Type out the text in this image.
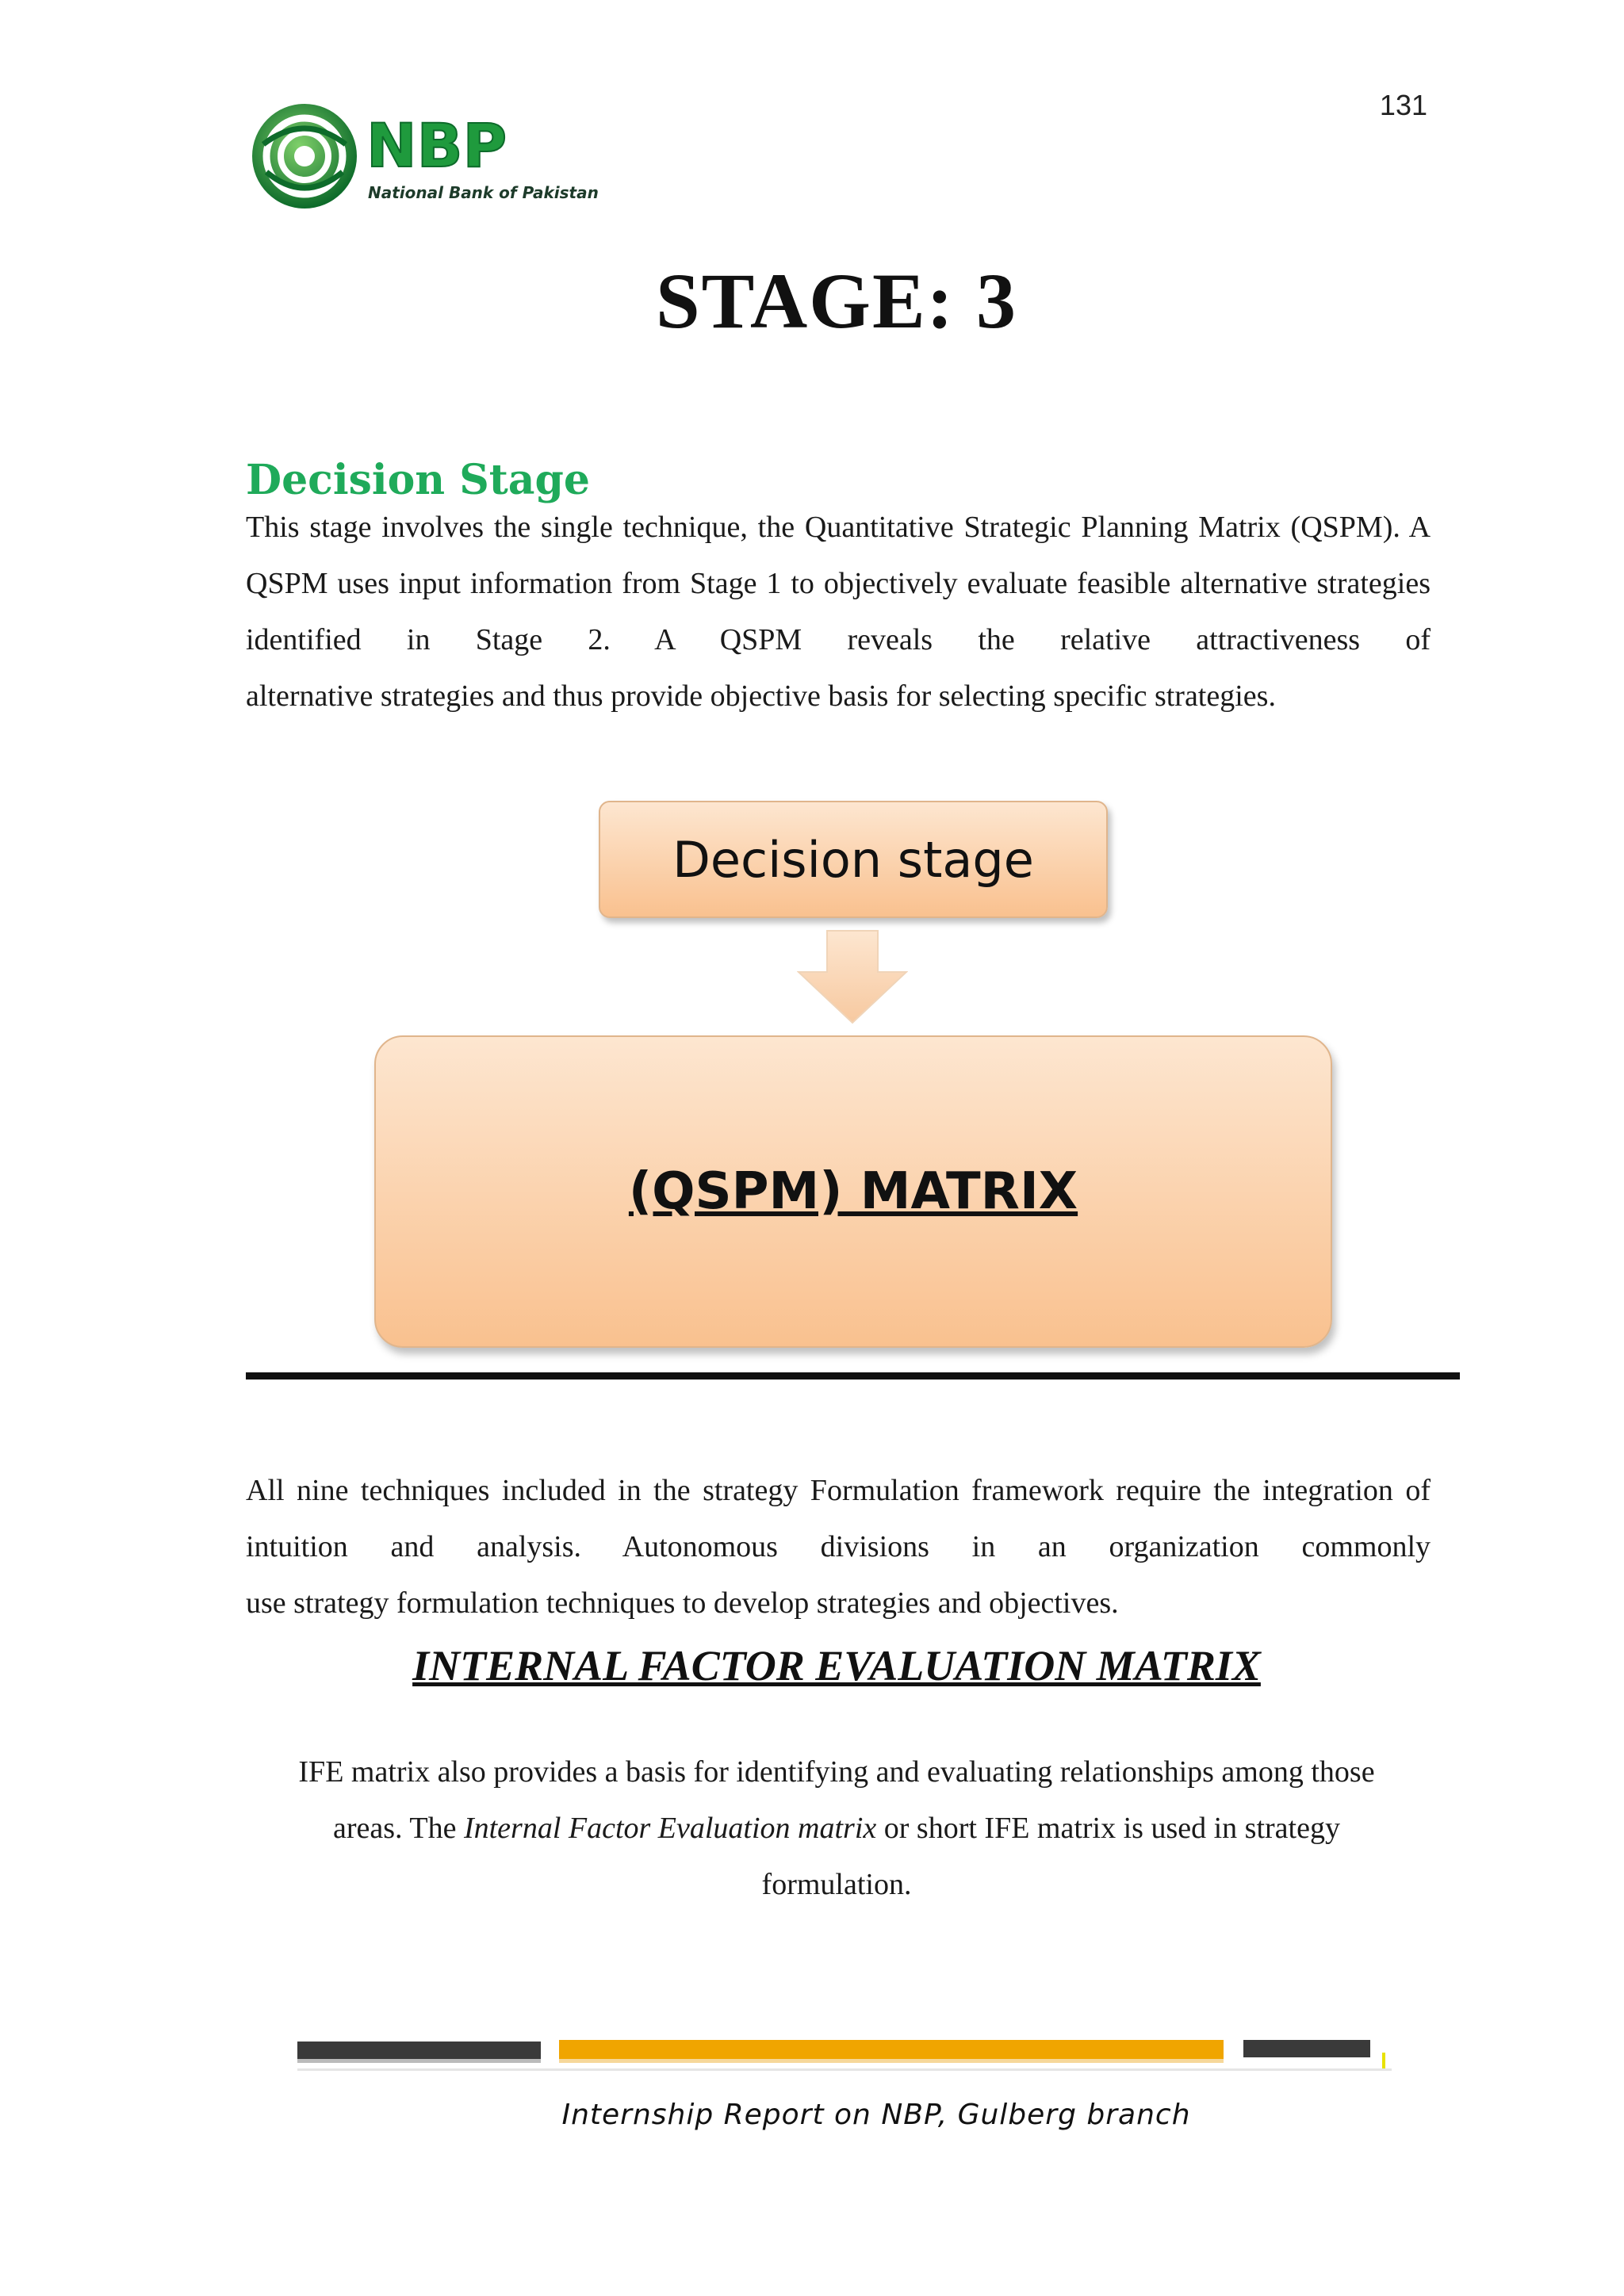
131
NBP
National Bank of Pakistan
STAGE: 3
Decision Stage

This stage involves the single technique, the Quantitative Strategic Planning Matrix (QSPM). A QSPM uses input information from Stage 1 to objectively evaluate feasible alternative strategies identified in Stage 2. A QSPM reveals the relative attractiveness of
alternative strategies and thus provide objective basis for selecting specific strategies.

Decision stage
(QSPM) MATRIX

All nine techniques included in the strategy Formulation framework require the integration of intuition and analysis. Autonomous divisions in an organization commonly
use strategy formulation techniques to develop strategies and objectives.

INTERNAL FACTOR EVALUATION MATRIX

IFE matrix also provides a basis for identifying and evaluating relationships among those
areas. The Internal Factor Evaluation matrix or short IFE matrix is used in strategy
formulation.

Internship Report on NBP, Gulberg branch
